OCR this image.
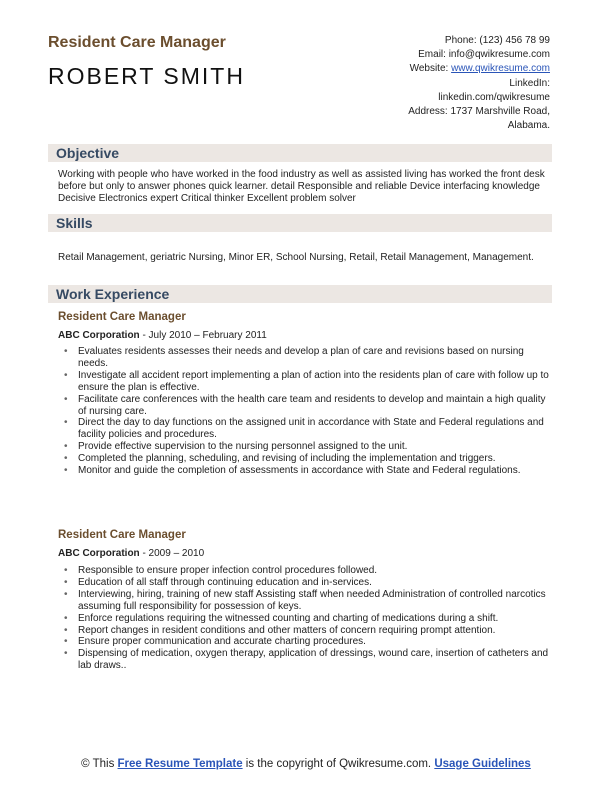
Resident Care Manager
ROBERT SMITH
Phone: (123) 456 78 99
Email: info@qwikresume.com
Website: www.qwikresume.com
LinkedIn:
linkedin.com/qwikresume
Address: 1737 Marshville Road,
Alabama.
Objective
Working with people who have worked in the food industry as well as assisted living has worked the front desk before but only to answer phones quick learner. detail Responsible and reliable Device interfacing knowledge Decisive Electronics expert Critical thinker Excellent problem solver
Skills
Retail Management, geriatric Nursing, Minor ER, School Nursing, Retail, Retail Management, Management.
Work Experience
Resident Care Manager
ABC Corporation - July 2010 – February 2011
• Evaluates residents assesses their needs and develop a plan of care and revisions based on nursing needs.
• Investigate all accident report implementing a plan of action into the residents plan of care with follow up to ensure the plan is effective.
• Facilitate care conferences with the health care team and residents to develop and maintain a high quality of nursing care.
• Direct the day to day functions on the assigned unit in accordance with State and Federal regulations and facility policies and procedures.
• Provide effective supervision to the nursing personnel assigned to the unit.
• Completed the planning, scheduling, and revising of including the implementation and triggers.
• Monitor and guide the completion of assessments in accordance with State and Federal regulations.
Resident Care Manager
ABC Corporation - 2009 – 2010
• Responsible to ensure proper infection control procedures followed.
• Education of all staff through continuing education and in-services.
• Interviewing, hiring, training of new staff Assisting staff when needed Administration of controlled narcotics assuming full responsibility for possession of keys.
• Enforce regulations requiring the witnessed counting and charting of medications during a shift.
• Report changes in resident conditions and other matters of concern requiring prompt attention.
• Ensure proper communication and accurate charting procedures.
• Dispensing of medication, oxygen therapy, application of dressings, wound care, insertion of catheters and lab draws..
© This Free Resume Template is the copyright of Qwikresume.com. Usage Guidelines
